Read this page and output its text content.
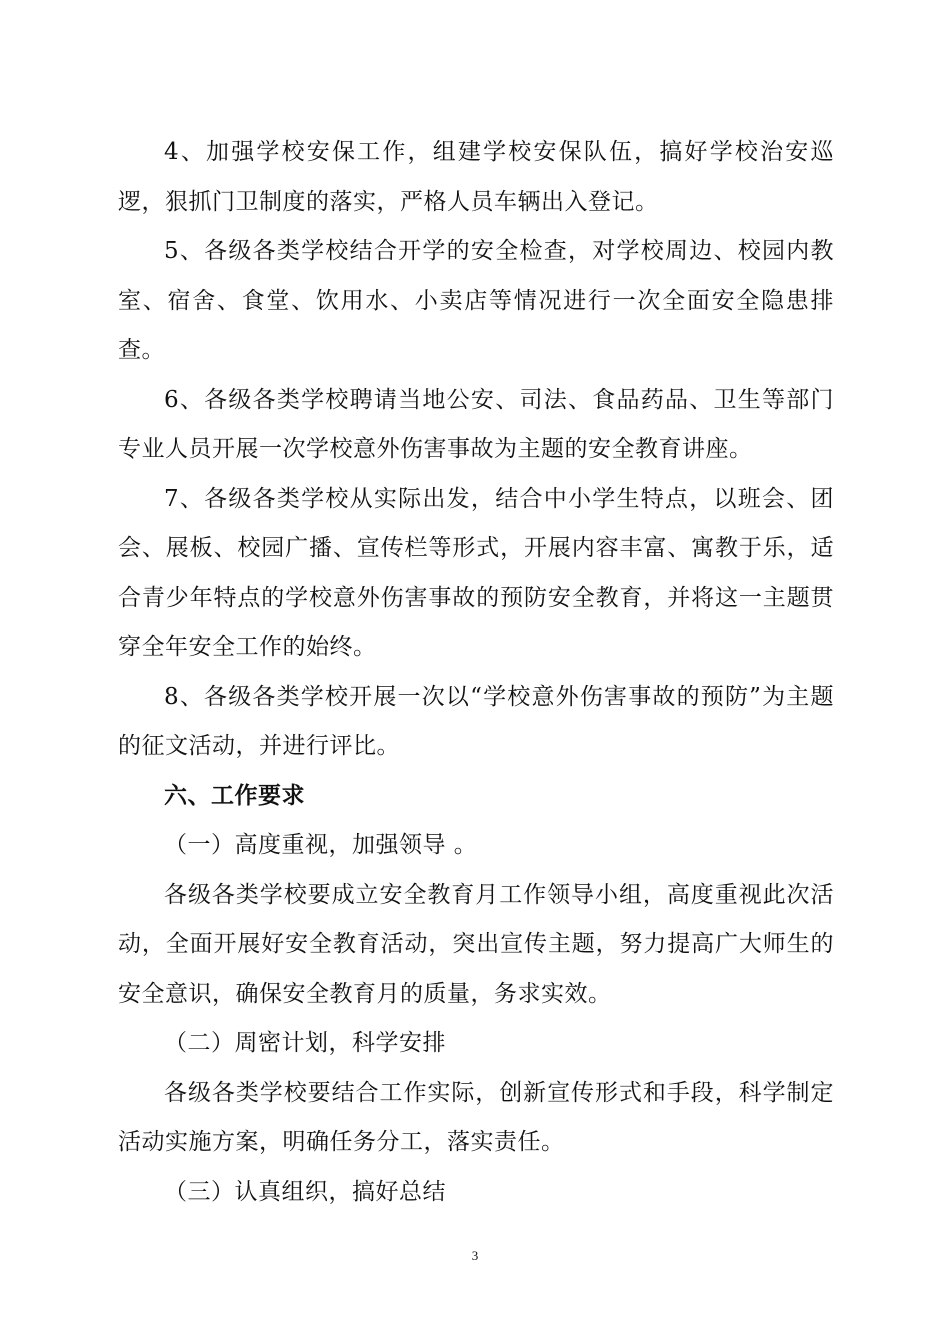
4、加强学校安保工作，组建学校安保队伍，搞好学校治安巡逻，狠抓门卫制度的落实，严格人员车辆出入登记。

5、各级各类学校结合开学的安全检查，对学校周边、校园内教室、宿舍、食堂、饮用水、小卖店等情况进行一次全面安全隐患排查。

6、各级各类学校聘请当地公安、司法、食品药品、卫生等部门专业人员开展一次学校意外伤害事故为主题的安全教育讲座。

7、各级各类学校从实际出发，结合中小学生特点，以班会、团会、展板、校园广播、宣传栏等形式，开展内容丰富、寓教于乐，适合青少年特点的学校意外伤害事故的预防安全教育，并将这一主题贯穿全年安全工作的始终。

8、各级各类学校开展一次以“学校意外伤害事故的预防”为主题的征文活动，并进行评比。

六、工作要求

（一）高度重视，加强领导 。

各级各类学校要成立安全教育月工作领导小组，高度重视此次活动，全面开展好安全教育活动，突出宣传主题，努力提高广大师生的安全意识，确保安全教育月的质量，务求实效。

（二）周密计划，科学安排

各级各类学校要结合工作实际，创新宣传形式和手段，科学制定活动实施方案，明确任务分工，落实责任。

（三）认真组织，搞好总结

3
